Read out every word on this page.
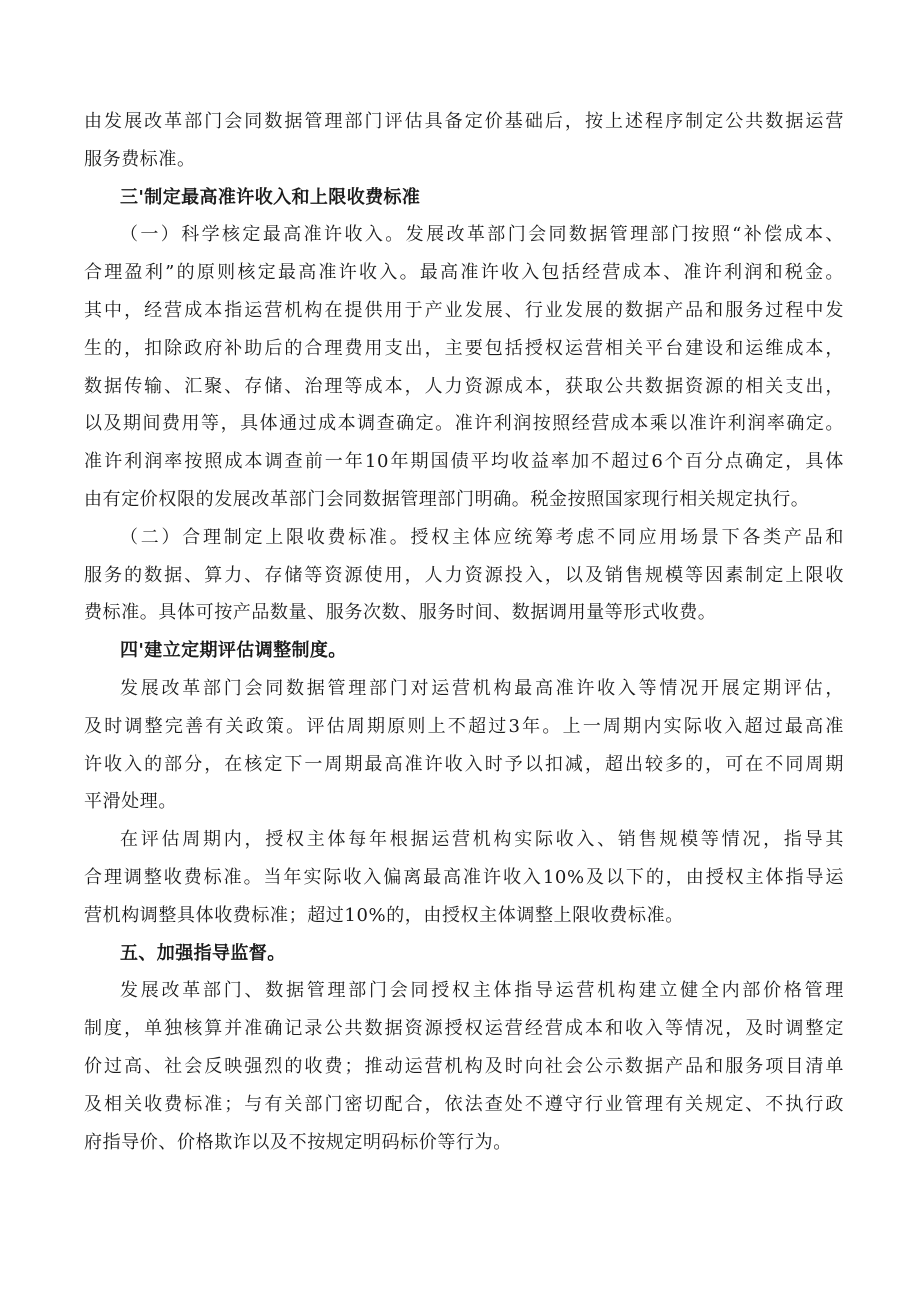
由发展改革部门会同数据管理部门评估具备定价基础后，按上述程序制定公共数据运营

服务费标准。

三'制定最高准许收入和上限收费标准

（一）科学核定最高准许收入。发展改革部门会同数据管理部门按照“补偿成本、

合理盈利”的原则核定最高准许收入。最高准许收入包括经营成本、准许利润和税金。

其中，经营成本指运营机构在提供用于产业发展、行业发展的数据产品和服务过程中发

生的，扣除政府补助后的合理费用支出，主要包括授权运营相关平台建设和运维成本，

数据传输、汇聚、存储、治理等成本，人力资源成本，获取公共数据资源的相关支出，

以及期间费用等，具体通过成本调查确定。准许利润按照经营成本乘以准许利润率确定。

准许利润率按照成本调查前一年10年期国债平均收益率加不超过6个百分点确定，具体

由有定价权限的发展改革部门会同数据管理部门明确。税金按照国家现行相关规定执行。

（二）合理制定上限收费标准。授权主体应统筹考虑不同应用场景下各类产品和

服务的数据、算力、存储等资源使用，人力资源投入，以及销售规模等因素制定上限收

费标准。具体可按产品数量、服务次数、服务时间、数据调用量等形式收费。

四'建立定期评估调整制度。

发展改革部门会同数据管理部门对运营机构最高准许收入等情况开展定期评估，

及时调整完善有关政策。评估周期原则上不超过3年。上一周期内实际收入超过最高准

许收入的部分，在核定下一周期最高准许收入时予以扣减，超出较多的，可在不同周期

平滑处理。

在评估周期内，授权主体每年根据运营机构实际收入、销售规模等情况，指导其

合理调整收费标准。当年实际收入偏离最高准许收入10%及以下的，由授权主体指导运

营机构调整具体收费标准；超过10%的，由授权主体调整上限收费标准。

五、加强指导监督。

发展改革部门、数据管理部门会同授权主体指导运营机构建立健全内部价格管理

制度，单独核算并准确记录公共数据资源授权运营经营成本和收入等情况，及时调整定

价过高、社会反映强烈的收费；推动运营机构及时向社会公示数据产品和服务项目清单

及相关收费标准；与有关部门密切配合，依法查处不遵守行业管理有关规定、不执行政

府指导价、价格欺诈以及不按规定明码标价等行为。
